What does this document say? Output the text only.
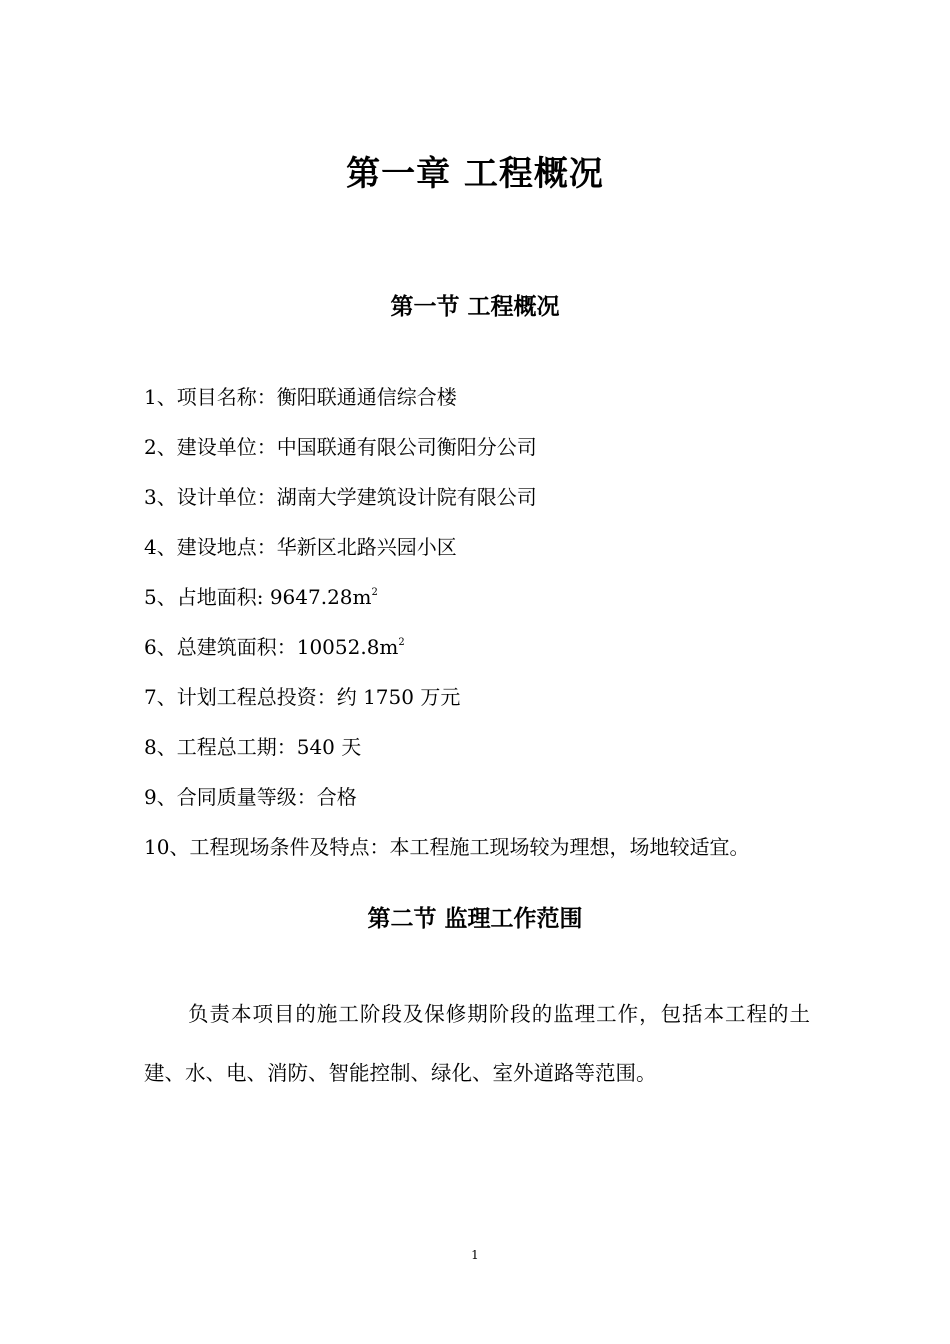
第一章 工程概况
第一节 工程概况
1、项目名称：衡阳联通通信综合楼
2、建设单位：中国联通有限公司衡阳分公司
3、设计单位：湖南大学建筑设计院有限公司
4、建设地点：华新区北路兴园小区
5、占地面积: $9647.28m^2$
6、总建筑面积：$10052.8m^2$
7、计划工程总投资：约 1750 万元
8、工程总工期：540 天
9、合同质量等级：合格
10、工程现场条件及特点：本工程施工现场较为理想，场地较适宜。
第二节 监理工作范围

负责本项目的施工阶段及保修期阶段的监理工作，包括本工程的土建、水、电、消防、智能控制、绿化、室外道路等范围。

1
